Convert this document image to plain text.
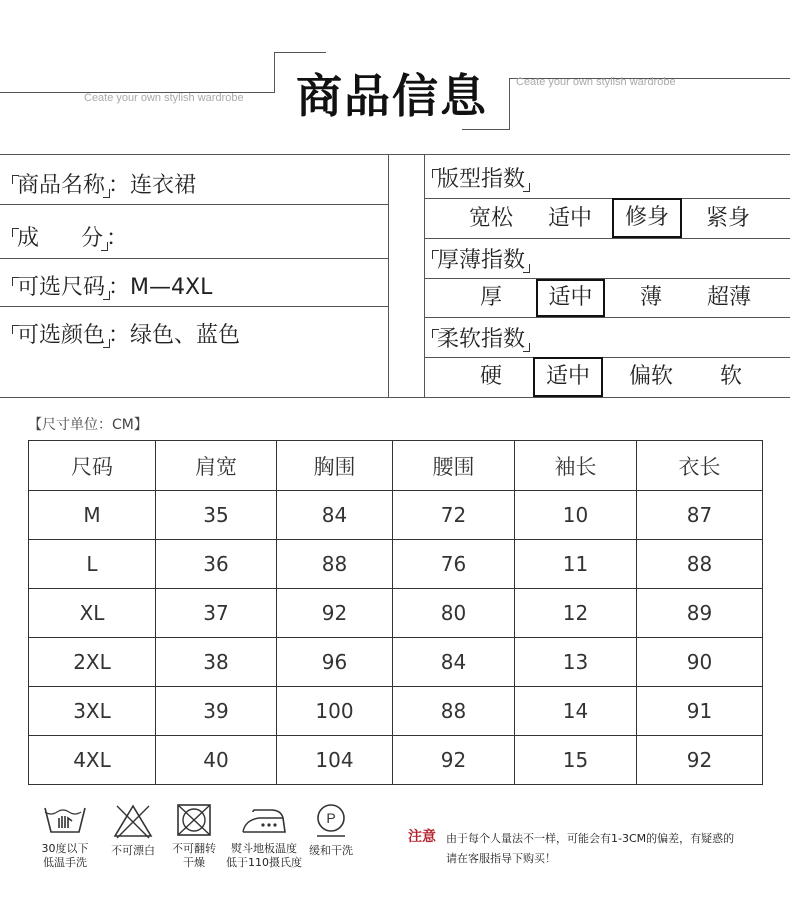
商品信息
Ceate your own stylish wardrobe
Ceate your own stylish wardrobe
商品名称 ：连衣裙
成      分 ：
可选尺码 ：M—4XL
可选颜色 ：绿色、蓝色
版型指数
宽松	适中	修身	紧身
厚薄指数
厚	适中	薄	超薄
柔软指数
硬	适中	偏软	软
【尺寸单位：CM】
尺码	肩宽	胸围	腰围	袖长	衣长
M	35	84	72	10	87
L	36	88	76	11	88
XL	37	92	80	12	89
2XL	38	96	84	13	90
3XL	39	100	88	14	91
4XL	40	104	92	15	92
30度以下
低温手洗
不可漂白	不可翻转
干燥
熨斗地板温度
低于110摄氏度
P
缓和干洗
注意 由于每个人量法不一样，可能会有1-3CM的偏差，有疑惑的
请在客服指导下购买！
